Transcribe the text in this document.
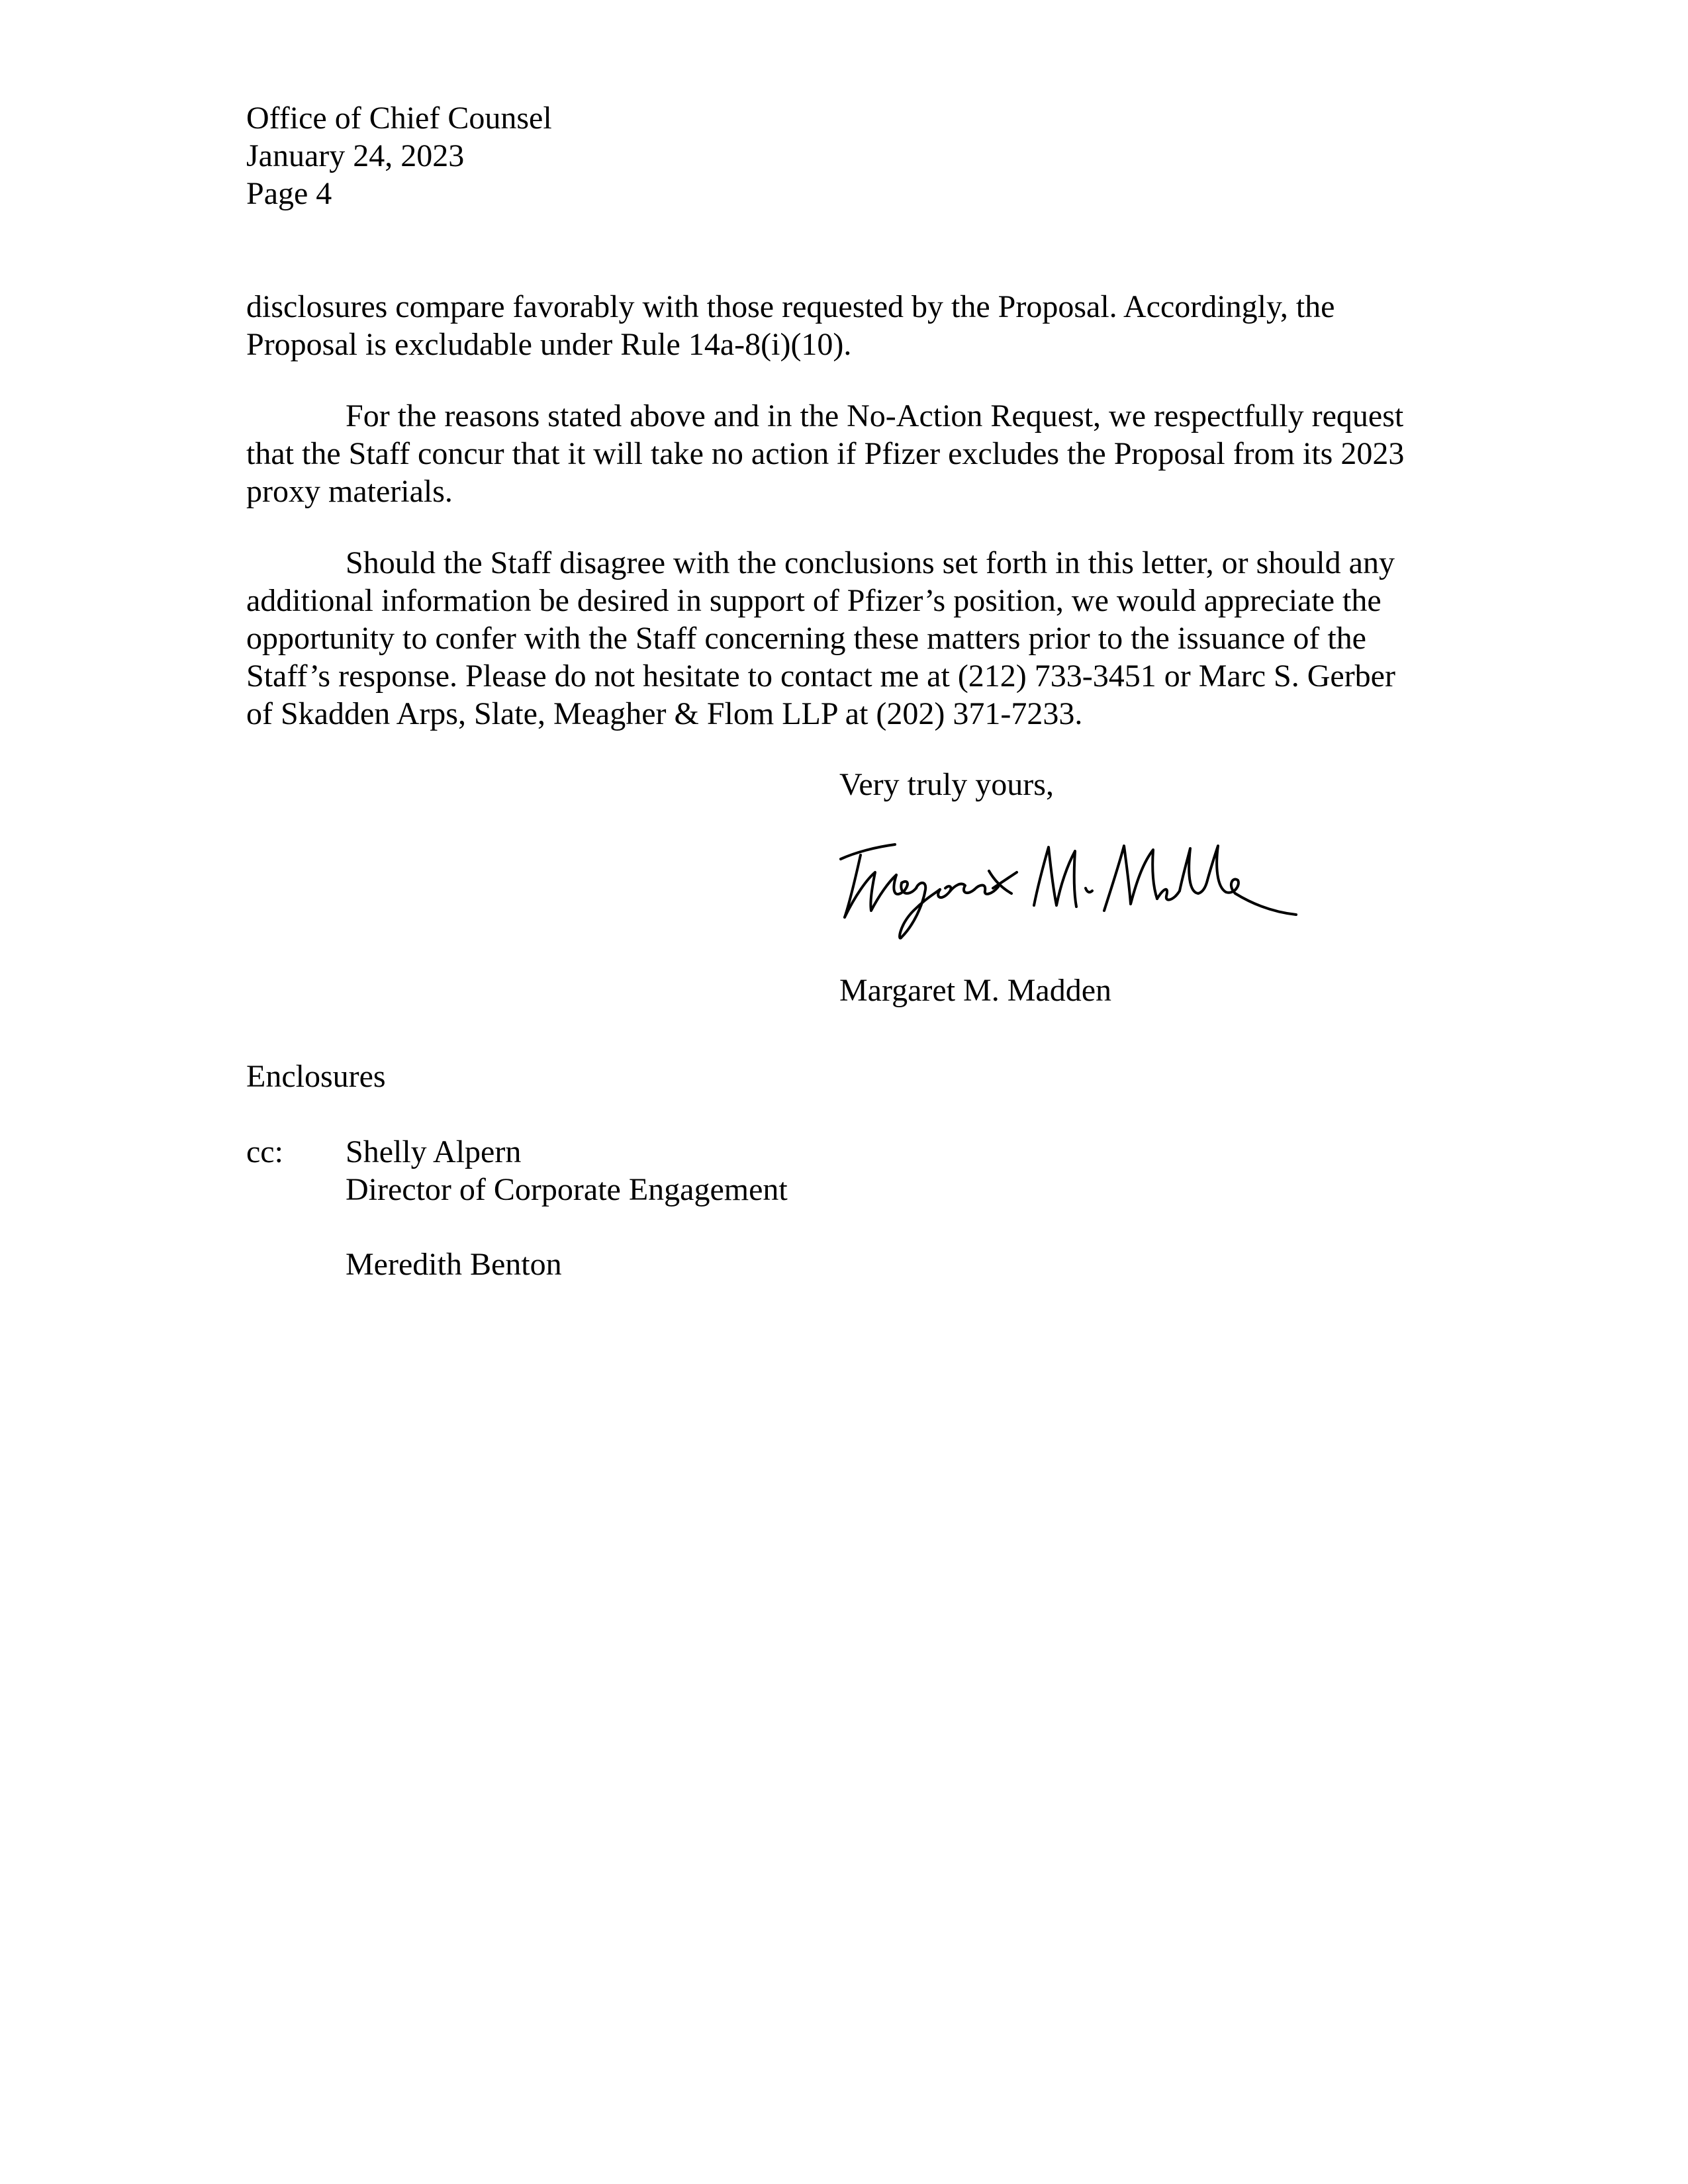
Office of Chief Counsel
January 24, 2023
Page 4
disclosures compare favorably with those requested by the Proposal. Accordingly, the
Proposal is excludable under Rule 14a-8(i)(10).
For the reasons stated above and in the No-Action Request, we respectfully request
that the Staff concur that it will take no action if Pfizer excludes the Proposal from its 2023
proxy materials.
Should the Staff disagree with the conclusions set forth in this letter, or should any
additional information be desired in support of Pfizer’s position, we would appreciate the
opportunity to confer with the Staff concerning these matters prior to the issuance of the
Staff’s response. Please do not hesitate to contact me at (212) 733-3451 or Marc S. Gerber
of Skadden Arps, Slate, Meagher & Flom LLP at (202) 371-7233.
Very truly yours,
Margaret M. Madden
Enclosures
cc: Shelly Alpern
Director of Corporate Engagement
Meredith Benton
